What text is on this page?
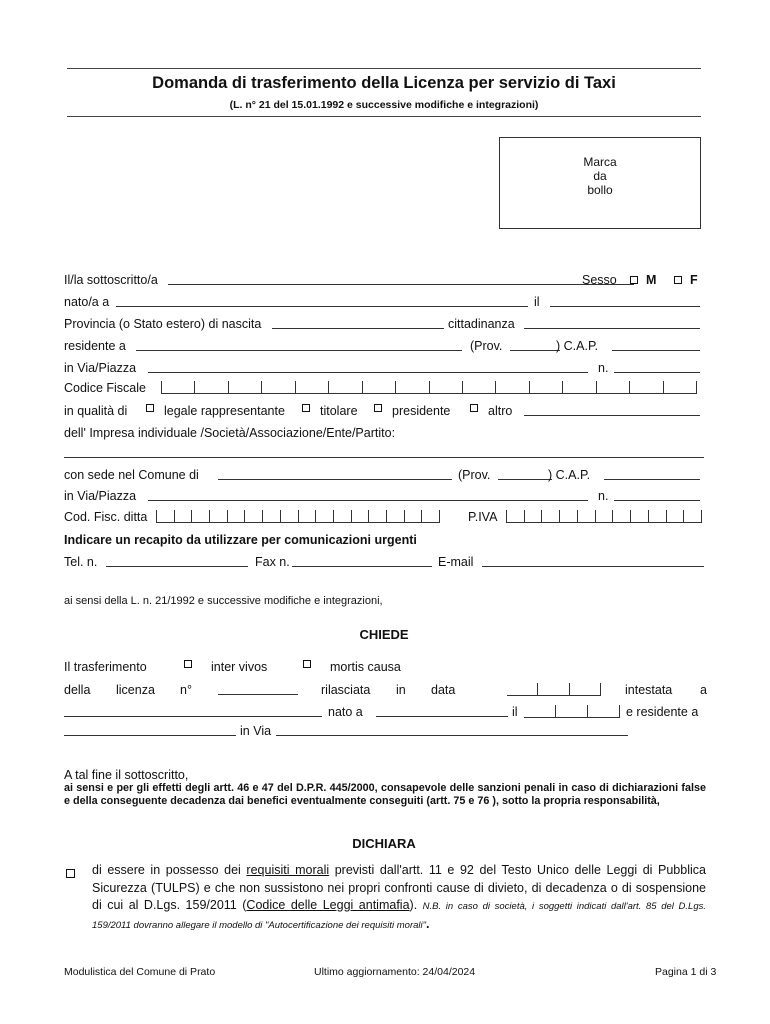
Domanda di trasferimento della Licenza per servizio di Taxi
(L. n° 21 del 15.01.1992 e successive modifiche e integrazioni)
Marca
da
bollo
Il/la sottoscritto/a	Sesso M	F
nato/a a	il
Provincia (o Stato estero) di nascita	cittadinanza
residente a	(Prov.	) C.A.P.
in Via/Piazza	n.
Codice Fiscale
in qualità di	legale rappresentante	titolare	presidente	altro
dell' Impresa individuale /Società/Associazione/Ente/Partito:
con sede nel Comune di	(Prov.	) C.A.P.
in Via/Piazza	n.
Cod. Fisc. ditta	P.IVA
Indicare un recapito da utilizzare per comunicazioni urgenti
Tel. n.	Fax n.	E-mail
ai sensi della L. n. 21/1992 e successive modifiche e integrazioni,
CHIEDE
Il trasferimento	inter vivos	mortis causa
della licenza n°	rilasciata in data	intestata a
nato a	il	e residente a
in Via
A tal fine il sottoscritto,
ai sensi e per gli effetti degli artt. 46 e 47 del D.P.R. 445/2000, consapevole delle sanzioni penali in caso di dichiarazioni false e della conseguente decadenza dai benefici eventualmente conseguiti (artt. 75 e 76 ), sotto la propria responsabilità,
DICHIARA
di essere in possesso dei requisiti morali previsti dall'artt. 11 e 92 del Testo Unico delle Leggi di Pubblica Sicurezza (TULPS) e che non sussistono nei propri confronti cause di divieto, di decadenza o di sospensione di cui al D.Lgs. 159/2011 (Codice delle Leggi antimafia). N.B. in caso di società, i soggetti indicati dall'art. 85 del D.Lgs. 159/2011 dovranno allegare il modello di "Autocertificazione dei requisiti morali".
Modulistica del Comune di Prato	Ultimo aggiornamento: 24/04/2024	Pagina 1 di 3
